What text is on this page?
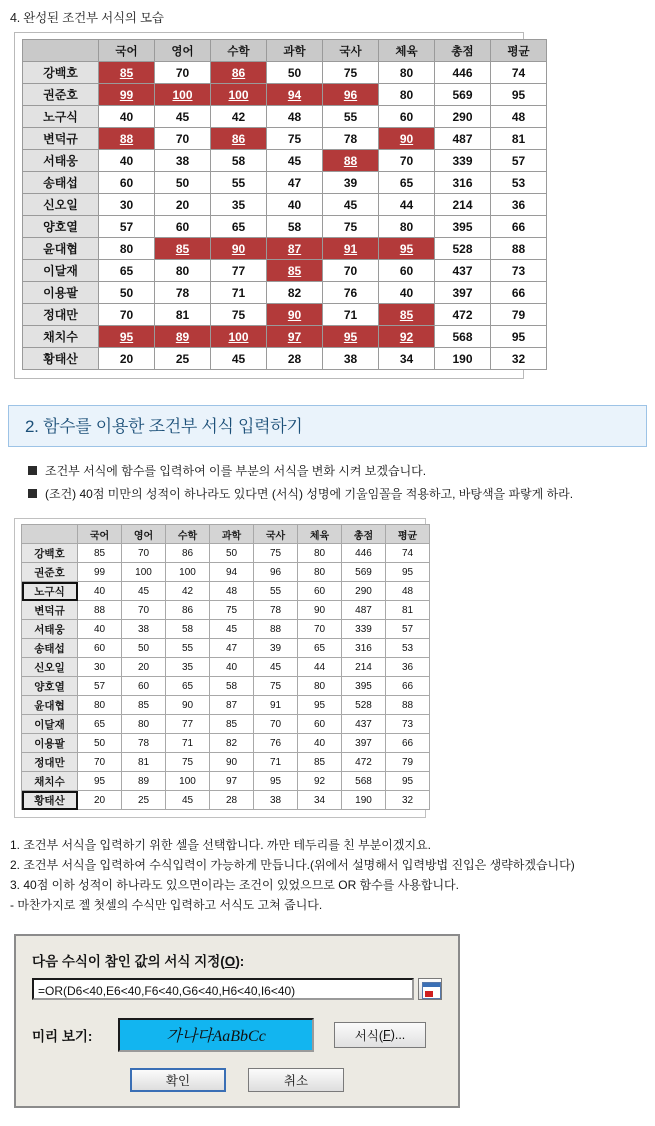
4. 완성된 조건부 서식의 모습
	국어	영어	수학	과학	국사	체육	총점	평균
강백호	85	70	86	50	75	80	446	74
권준호	99	100	100	94	96	80	569	95
노구식	40	45	42	48	55	60	290	48
변덕규	88	70	86	75	78	90	487	81
서태웅	40	38	58	45	88	70	339	57
송태섭	60	50	55	47	39	65	316	53
신오일	30	20	35	40	45	44	214	36
양호열	57	60	65	58	75	80	395	66
윤대협	80	85	90	87	91	95	528	88
이달재	65	80	77	85	70	60	437	73
이용팔	50	78	71	82	76	40	397	66
정대만	70	81	75	90	71	85	472	79
채치수	95	89	100	97	95	92	568	95
황태산	20	25	45	28	38	34	190	32
2. 함수를 이용한 조건부 서식 입력하기
조건부 서식에 함수를 입력하여 이를 부분의 서식을 변화 시켜 보겠습니다.
(조건) 40점 미만의 성적이 하나라도 있다면 (서식) 성명에 기울임꼴을 적용하고, 바탕색을 파랗게 하라.
	국어	영어	수학	과학	국사	체육	총점	평균
강백호	85	70	86	50	75	80	446	74
권준호	99	100	100	94	96	80	569	95
노구식	40	45	42	48	55	60	290	48
변덕규	88	70	86	75	78	90	487	81
서태웅	40	38	58	45	88	70	339	57
송태섭	60	50	55	47	39	65	316	53
신오일	30	20	35	40	45	44	214	36
양호열	57	60	65	58	75	80	395	66
윤대협	80	85	90	87	91	95	528	88
이달재	65	80	77	85	70	60	437	73
이용팔	50	78	71	82	76	40	397	66
정대만	70	81	75	90	71	85	472	79
채치수	95	89	100	97	95	92	568	95
황태산	20	25	45	28	38	34	190	32
1. 조건부 서식을 입력하기 위한 셀을 선택합니다. 까만 테두리를 친 부분이겠지요.
2. 조건부 서식을 입력하여 수식입력이 가능하게 만듭니다.(위에서 설명해서 입력방법 진입은 생략하겠습니다)
3. 40점 이하 성적이 하나라도 있으면이라는 조건이 있었으므로 OR 함수를 사용합니다.
- 마찬가지로 젤 첫셀의 수식만 입력하고 서식도 고쳐 줍니다.
다음 수식이 참인 값의 서식 지정(O):
=OR(D6<40,E6<40,F6<40,G6<40,H6<40,I6<40)
미리 보기:	가나다AaBbCc	서식( F )...
확인	취소
